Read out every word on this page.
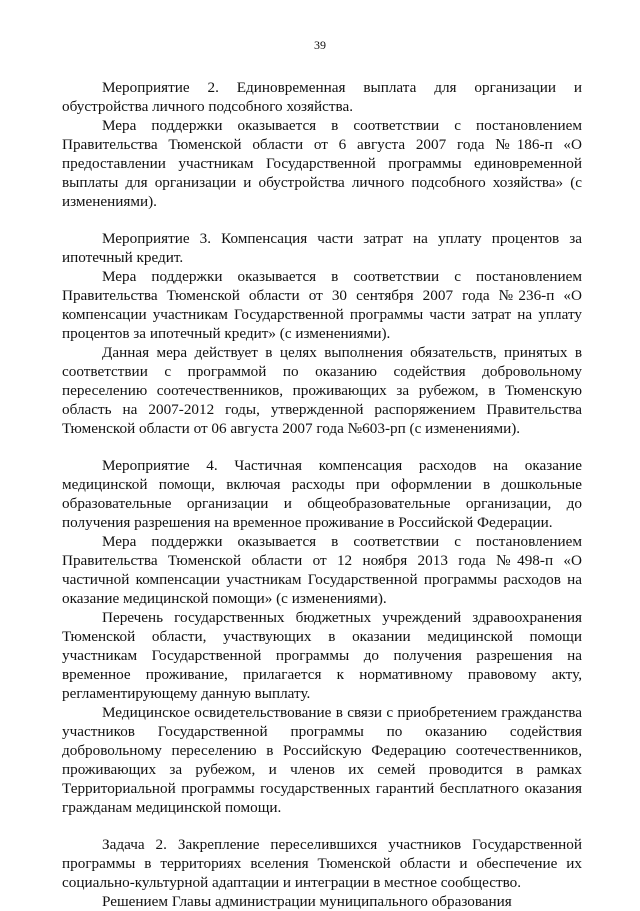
39

Мероприятие 2. Единовременная выплата для организации и обустройства личного подсобного хозяйства.

Мера поддержки оказывается в соответствии с постановлением Правительства Тюменской области от 6 августа 2007 года №186-п «О предоставлении участникам Государственной программы единовременной выплаты для организации и обустройства личного подсобного хозяйства» (с изменениями).

Мероприятие 3. Компенсация части затрат на уплату процентов за ипотечный кредит.

Мера поддержки оказывается в соответствии с постановлением Правительства Тюменской области от 30 сентября 2007 года №236-п «О компенсации участникам Государственной программы части затрат на уплату процентов за ипотечный кредит» (с изменениями).

Данная мера действует в целях выполнения обязательств, принятых в соответствии с программой по оказанию содействия добровольному переселению соотечественников, проживающих за рубежом, в Тюменскую область на 2007-2012 годы, утвержденной распоряжением Правительства Тюменской области от 06 августа 2007 года №603-рп (с изменениями).

Мероприятие 4. Частичная компенсация расходов на оказание медицинской помощи, включая расходы при оформлении в дошкольные образовательные организации и общеобразовательные организации, до получения разрешения на временное проживание в Российской Федерации.

Мера поддержки оказывается в соответствии с постановлением Правительства Тюменской области от 12 ноября 2013 года №498-п «О частичной компенсации участникам Государственной программы расходов на оказание медицинской помощи» (с изменениями).

Перечень государственных бюджетных учреждений здравоохранения Тюменской области, участвующих в оказании медицинской помощи участникам Государственной программы до получения разрешения на временное проживание, прилагается к нормативному правовому акту, регламентирующему данную выплату.

Медицинское освидетельствование в связи с приобретением гражданства участников Государственной программы по оказанию содействия добровольному переселению в Российскую Федерацию соотечественников, проживающих за рубежом, и членов их семей проводится в рамках Территориальной программы государственных гарантий бесплатного оказания гражданам медицинской помощи.

Задача 2. Закрепление переселившихся участников Государственной программы в территориях вселения Тюменской области и обеспечение их социально-культурной адаптации и интеграции в местное сообщество.

Решением Главы администрации муниципального образования
